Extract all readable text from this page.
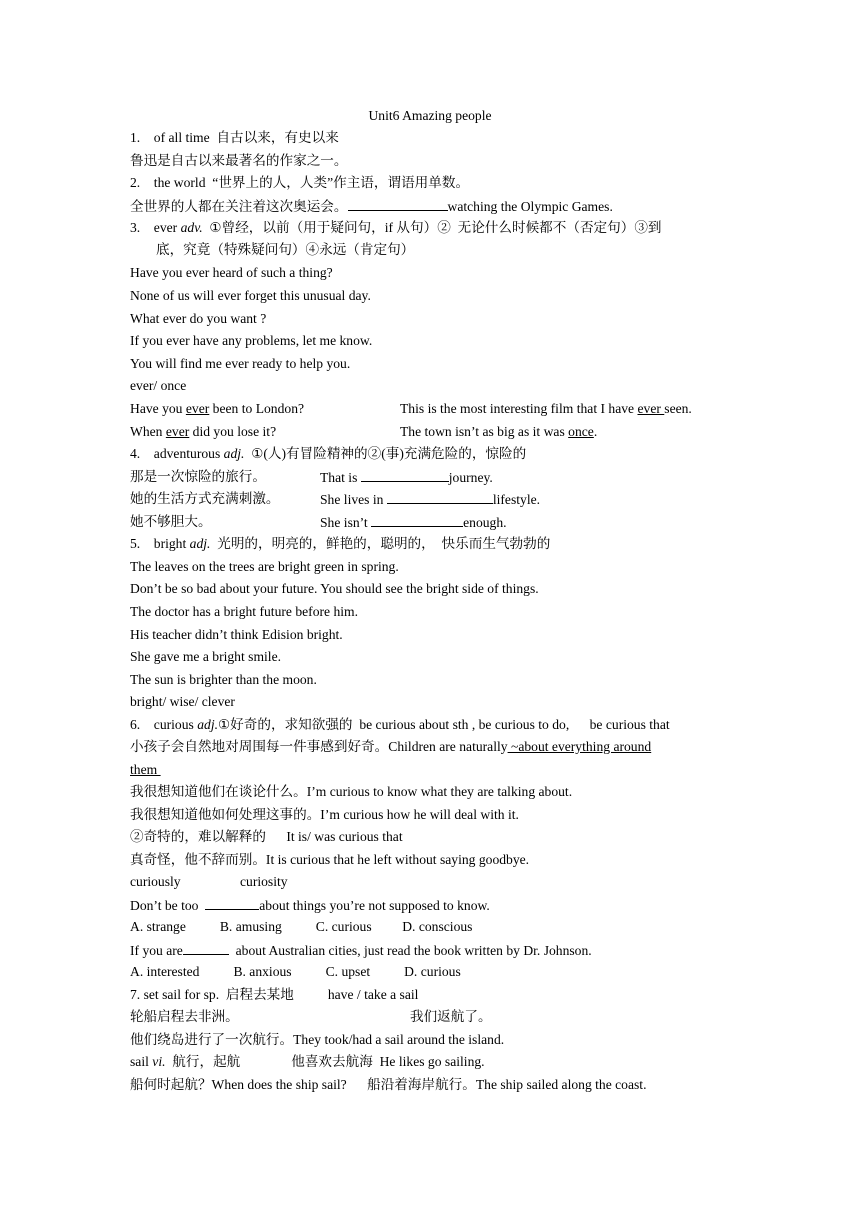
Unit6 Amazing people
1.    of all time  自古以来，有史以来
鲁迅是自古以来最著名的作家之一。
2.    the world  “世界上的人，人类”作主语，谓语用单数。
全世界的人都在关注着这次奥运会。	watching the Olympic Games.
3.    ever adv.  ①曾经，以前（用于疑问句，if 从句）②  无论什么时候都不（否定句）③到
底，究竟（特殊疑问句）④永远（肯定句）
Have you ever heard of such a thing?
None of us will ever forget this unusual day.
What ever do you want ?
If you ever have any problems, let me know.
You will find me ever ready to help you.
ever/ once
Have you ever been to London?	This is the most interesting film that I have ever seen.
When ever did you lose it?	The town isn’t as big as it was once.
4.    adventurous adj.  ①(人)有冒险精神的②(事)充满危险的，惊险的
那是一次惊险的旅行。	That is	journey.
她的生活方式充满刺激。	She lives in	lifestyle.
她不够胆大。	She isn’t	enough.
5.    bright adj.  光明的，明亮的，鲜艳的，聪明的，  快乐而生气勃勃的
The leaves on the trees are bright green in spring.
Don’t be so bad about your future. You should see the bright side of things.
The doctor has a bright future before him.
His teacher didn’t think Edision bright.
She gave me a bright smile.
The sun is brighter than the moon.
bright/ wise/ clever
6.    curious adj.①好奇的，求知欲强的  be curious about sth , be curious to do,      be curious that
小孩子会自然地对周围每一件事感到好奇。Children are naturally ~about everything around
them
我很想知道他们在谈论什么。I’m curious to know what they are talking about.
我很想知道他如何处理这事的。I’m curious how he will deal with it.
②奇特的，难以解释的      It is/ was curious that
真奇怪，他不辞而别。It is curious that he left without saying goodbye.
curiously	curiosity
Don’t be too	about things you’re not supposed to know.
A. strange          B. amusing          C. curious         D. conscious
If you are	about Australian cities, just read the book written by Dr. Johnson.
A. interested          B. anxious          C. upset          D. curious
7. set sail for sp.  启程去某地          have / take a sail
轮船启程去非洲。	我们返航了。
他们绕岛进行了一次航行。They took/had a sail around the island.
sail vi.  航行，起航               他喜欢去航海  He likes go sailing.
船何时起航？When does the ship sail?      船沿着海岸航行。The ship sailed along the coast.
